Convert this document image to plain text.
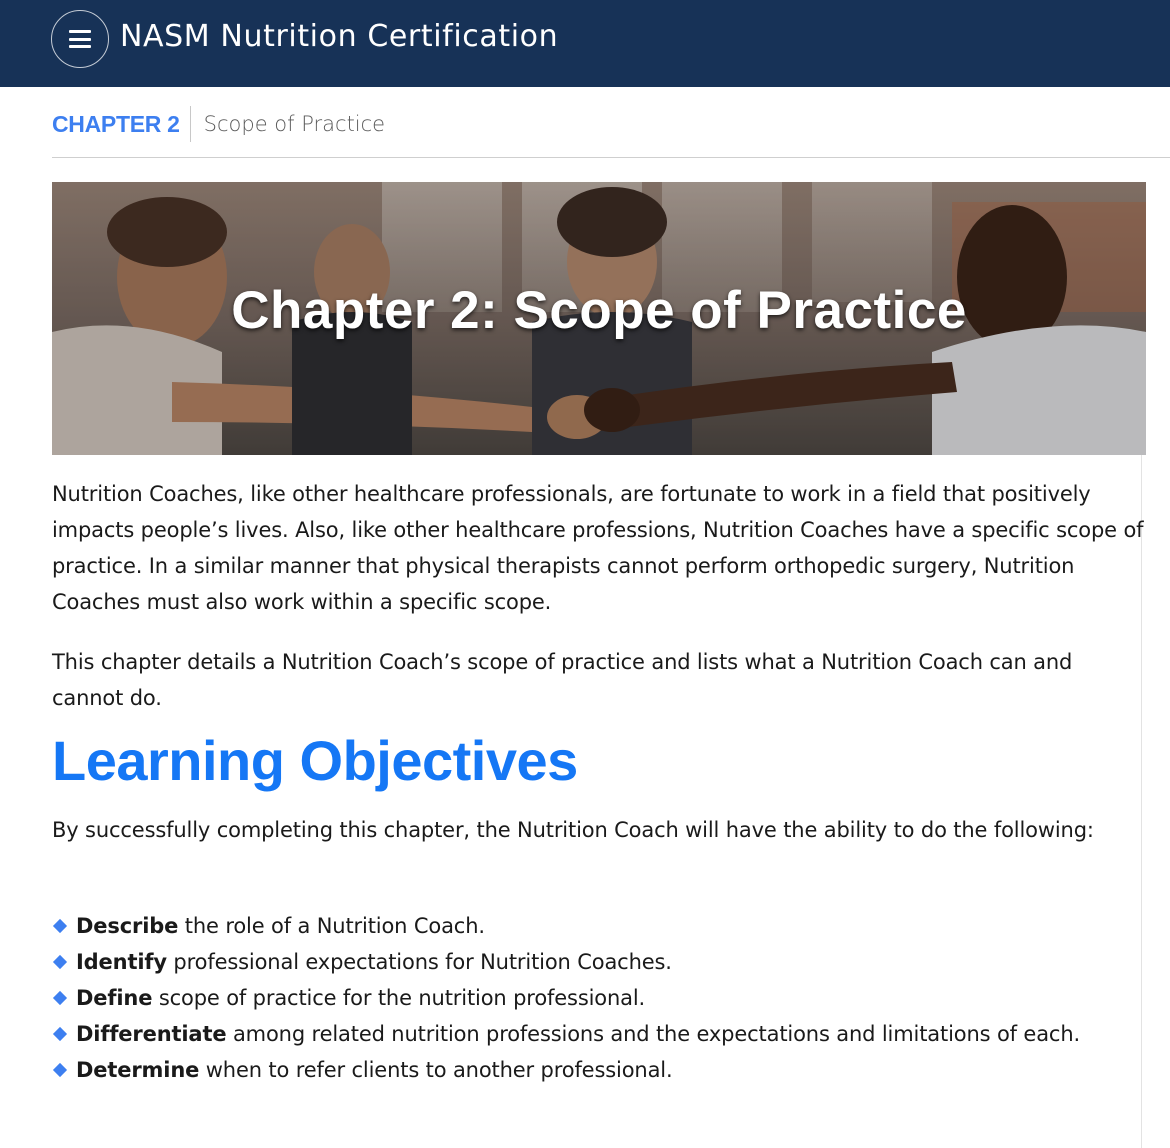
NASM Nutrition Certification
CHAPTER 2	Scope of Practice
Chapter 2: Scope of Practice

Nutrition Coaches, like other healthcare professionals, are fortunate to work in a field that positively impacts people’s lives. Also, like other healthcare professions, Nutrition Coaches have a specific scope of practice. In a similar manner that physical therapists cannot perform orthopedic surgery, Nutrition Coaches must also work within a specific scope.

This chapter details a Nutrition Coach’s scope of practice and lists what a Nutrition Coach can and cannot do.

Learning Objectives

By successfully completing this chapter, the Nutrition Coach will have the ability to do the following:

Describe the role of a Nutrition Coach.
Identify professional expectations for Nutrition Coaches.
Define scope of practice for the nutrition professional.
Differentiate among related nutrition professions and the expectations and limitations of each.
Determine when to refer clients to another professional.
